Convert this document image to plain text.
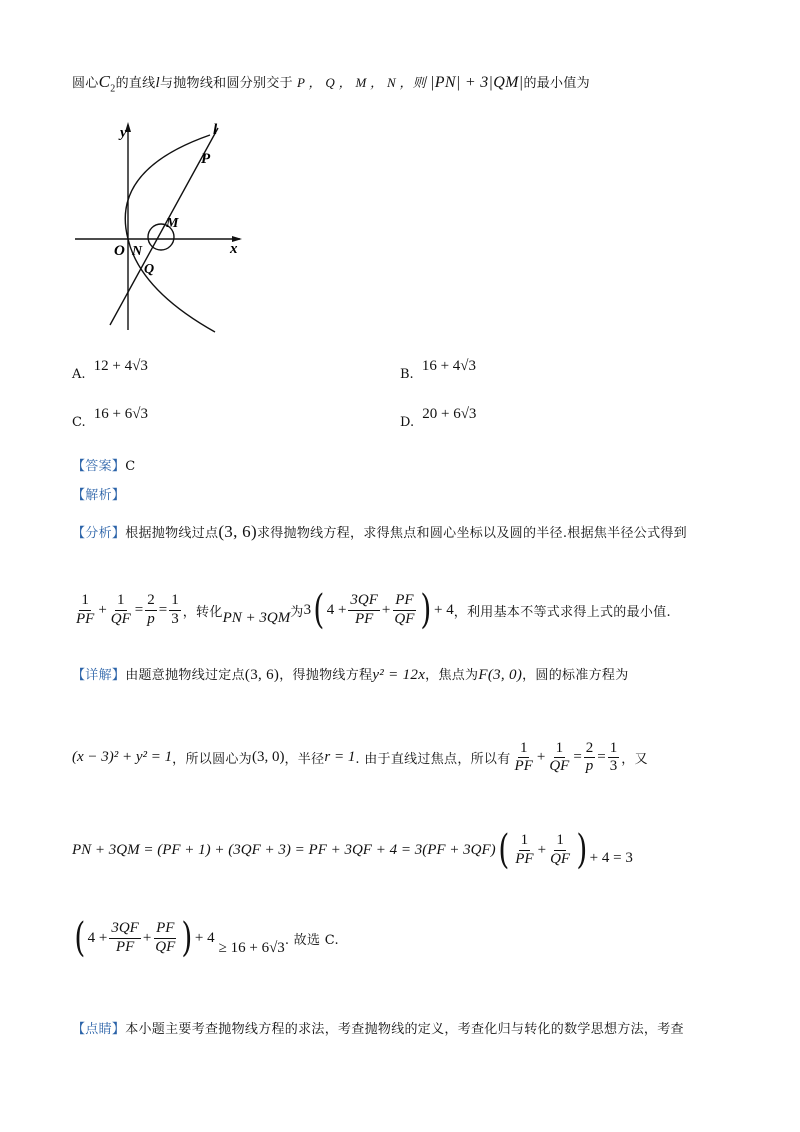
圆心$C_2$的直线l与抛物线和圆分别交于 P ， Q ， M ， N ，则 |PN| + 3|QM|的最小值为
y
x
O N
Q
M
P
l
A. 12 + 4√3
B. 16 + 4√3
C. 16 + 6√3
D. 20 + 6√3
【答案】C
【解析】
【分析】根据抛物线过点(3, 6)求得抛物线方程，求得焦点和圆心坐标以及圆的半径.根据焦半径公式得到
$\frac{1}{PF} + \frac{1}{QF} = \frac{2}{p} = \frac{1}{3}$ ，转化 PN + 3QM 为 3 ( $4 + \frac{3QF}{PF} + \frac{PF}{QF}$ ) + 4 ，利用基本不等式求得上式的最小值.
【详解】由题意抛物线过定点(3, 6)，得抛物线方程y² = 12x，焦点为F(3, 0)，圆的标准方程为
(x − 3)² + y² = 1 ，所以圆心为 (3, 0) ，半径 r = 1 . 由于直线过焦点，所以有 $\frac{1}{PF} + \frac{1}{QF} = \frac{2}{p} = \frac{1}{3}$ ，又
PN + 3QM = (PF + 1) + (3QF + 3) = PF + 3QF + 4 = 3(PF + 3QF) ( $\frac{1}{PF} + \frac{1}{QF}$ ) + 4 = 3
( $4 + \frac{3QF}{PF} + \frac{PF}{QF}$ ) + 4
≥ 16 + 6√3 . 故选 C.
【点睛】本小题主要考查抛物线方程的求法，考查抛物线的定义，考查化归与转化的数学思想方法，考查
